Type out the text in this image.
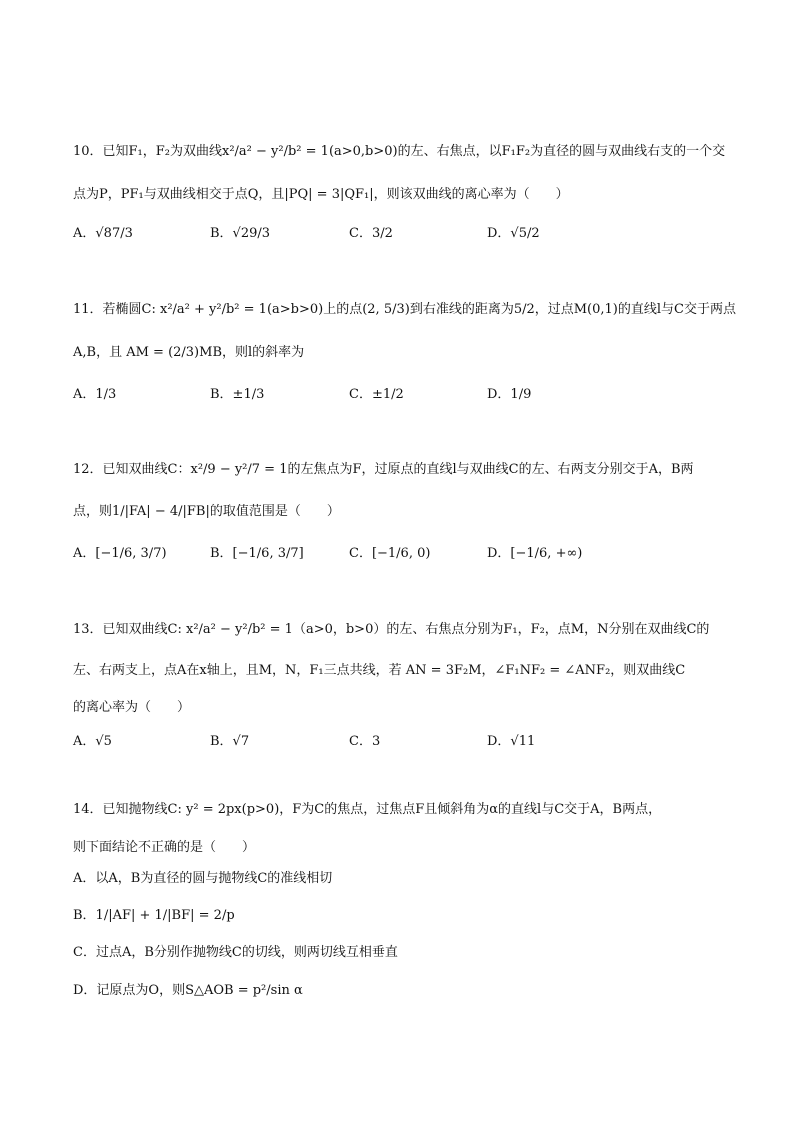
10．已知F₁，F₂为双曲线x²/a² − y²/b² = 1(a>0,b>0)的左、右焦点，以F₁F₂为直径的圆与双曲线右支的一个交
点为P，PF₁与双曲线相交于点Q，且|PQ| = 3|QF₁|，则该双曲线的离心率为（　　）
A．√87/3	B．√29/3	C．3/2	D．√5/2
11．若椭圆C: x²/a² + y²/b² = 1(a>b>0)上的点(2, 5/3)到右准线的距离为5/2，过点M(0,1)的直线l与C交于两点
A,B，且 AM = (2/3)MB，则l的斜率为
A．1/3	B．±1/3	C．±1/2	D．1/9
12．已知双曲线C：x²/9 − y²/7 = 1的左焦点为F，过原点的直线l与双曲线C的左、右两支分别交于A，B两
点，则1/|FA| − 4/|FB|的取值范围是（　　）
A．[−1/6, 3/7)	B．[−1/6, 3/7]	C．[−1/6, 0)	D．[−1/6, +∞)
13．已知双曲线C: x²/a² − y²/b² = 1（a>0，b>0）的左、右焦点分别为F₁，F₂，点M，N分别在双曲线C的
左、右两支上，点A在x轴上，且M，N，F₁三点共线，若 AN = 3F₂M，∠F₁NF₂ = ∠ANF₂，则双曲线C
的离心率为（　　）
A．√5	B．√7	C．3	D．√11
14．已知抛物线C: y² = 2px(p>0)，F为C的焦点，过焦点F且倾斜角为α的直线l与C交于A，B两点，
则下面结论不正确的是（　　）
A．以A，B为直径的圆与抛物线C的准线相切
B．1/|AF| + 1/|BF| = 2/p
C．过点A，B分别作抛物线C的切线，则两切线互相垂直
D．记原点为O，则S△AOB = p²/sin α
